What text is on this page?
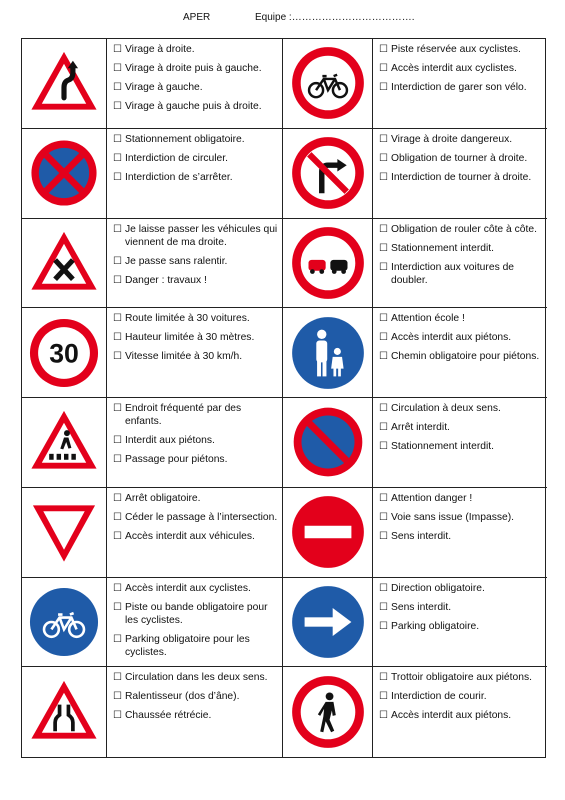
APER	Equipe :……………………………….
☐ Virage à droite.
☐ Virage à droite puis à gauche.
☐ Virage à gauche.
☐ Virage à gauche puis à droite.
☐ Piste réservée aux cyclistes.
☐ Accès interdit aux cyclistes.
☐ Interdiction de garer son vélo.
☐ Stationnement obligatoire.
☐ Interdiction de circuler.
☐ Interdiction de s’arrêter.
☐ Virage à droite dangereux.
☐ Obligation de tourner à droite.
☐ Interdiction de tourner à droite.
☐ Je laisse passer les véhicules qui viennent de ma droite.
☐ Je passe sans ralentir.
☐ Danger : travaux !
☐ Obligation de rouler côte à côte.
☐ Stationnement interdit.
☐ Interdiction aux voitures de doubler.
30
☐ Route limitée à 30 voitures.
☐ Hauteur limitée à 30 mètres.
☐ Vitesse limitée à 30 km/h.
☐ Attention école !
☐ Accès interdit aux piétons.
☐ Chemin obligatoire pour piétons.
☐ Endroit fréquenté par des enfants.
☐ Interdit aux piétons.
☐ Passage pour piétons.
☐ Circulation à deux sens.
☐ Arrêt interdit.
☐ Stationnement interdit.
☐ Arrêt obligatoire.
☐ Céder le passage à l’intersection.
☐ Accès interdit aux véhicules.
☐ Attention danger !
☐ Voie sans issue (Impasse).
☐ Sens interdit.
☐ Accès interdit aux cyclistes.
☐ Piste ou bande obligatoire pour les cyclistes.
☐ Parking obligatoire pour les cyclistes.
☐ Direction obligatoire.
☐ Sens interdit.
☐ Parking obligatoire.
☐ Circulation dans les deux sens.
☐ Ralentisseur (dos d’âne).
☐ Chaussée rétrécie.
☐ Trottoir obligatoire aux piétons.
☐ Interdiction de courir.
☐ Accès interdit aux piétons.
